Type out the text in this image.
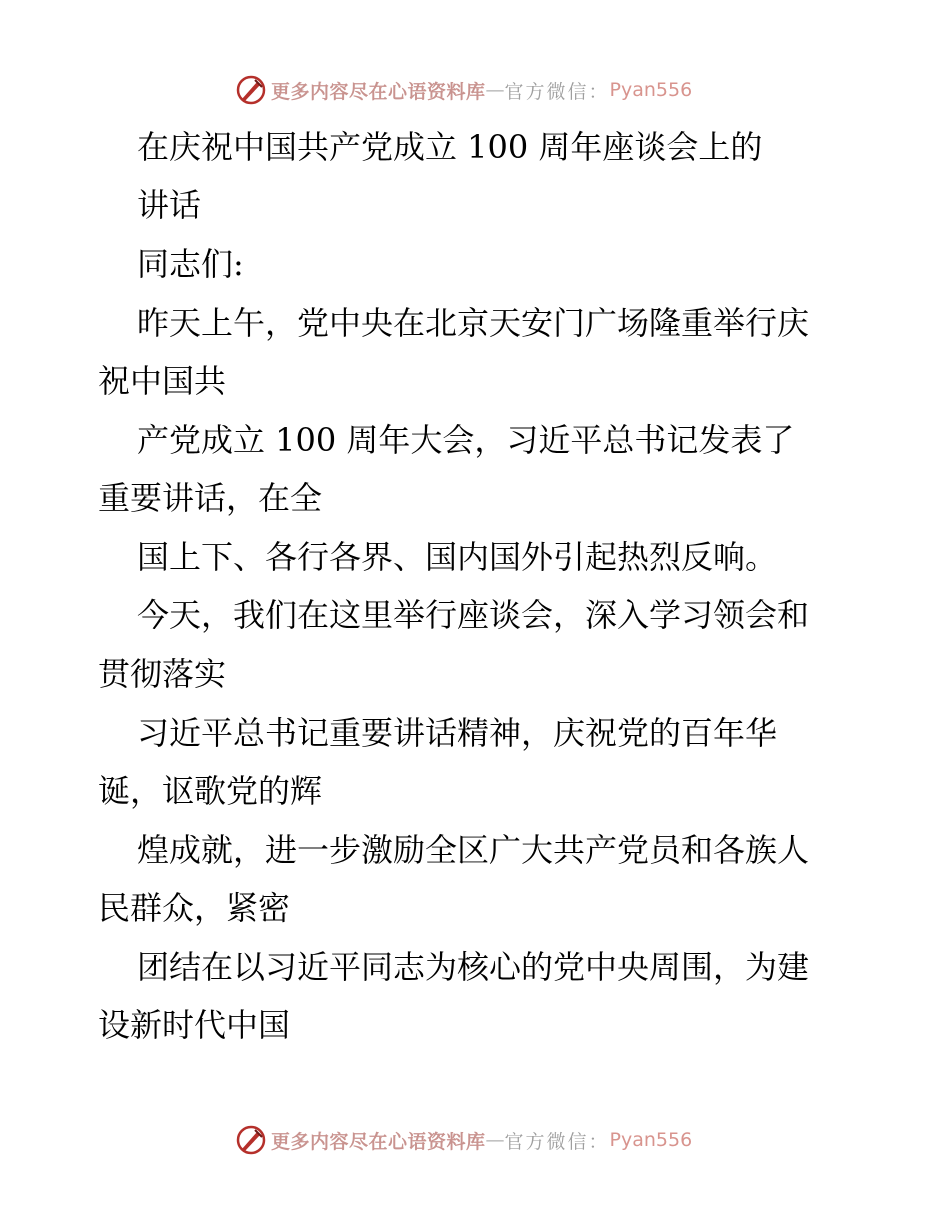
更多内容尽在心语资料库 — 官方微信： Pyan556
在庆祝中国共产党成立 100 周年座谈会上的
讲话
同志们:
昨天上午，党中央在北京天安门广场隆重举行庆
祝中国共
产党成立 100 周年大会，习近平总书记发表了
重要讲话，在全
国上下、各行各界、国内国外引起热烈反响。
今天，我们在这里举行座谈会，深入学习领会和
贯彻落实
习近平总书记重要讲话精神，庆祝党的百年华
诞，讴歌党的辉
煌成就，进一步激励全区广大共产党员和各族人
民群众，紧密
团结在以习近平同志为核心的党中央周围，为建
设新时代中国
更多内容尽在心语资料库 — 官方微信： Pyan556
